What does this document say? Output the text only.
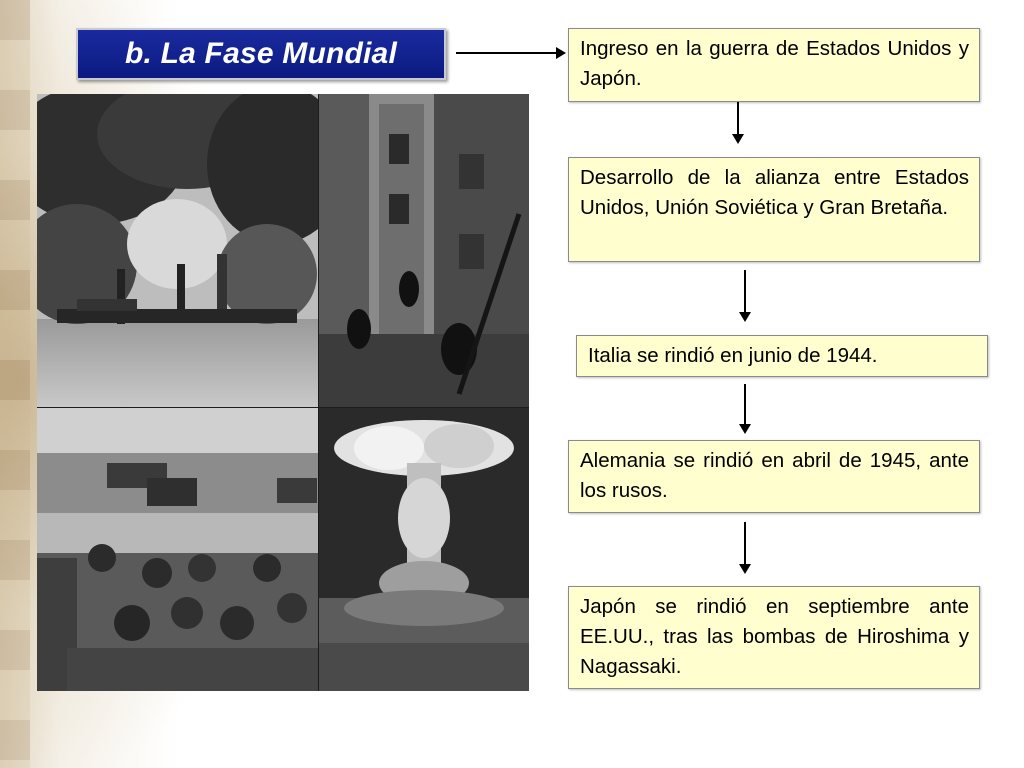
b. La Fase Mundial	Ingreso en la guerra de Estados Unidos y Japón.
Desarrollo de la alianza entre Estados Unidos, Unión Soviética y Gran Bretaña.
Italia se rindió en junio de 1944.
Alemania se rindió en abril de 1945, ante los rusos.
Japón se rindió en septiembre ante EE.UU., tras las bombas de Hiroshima y Nagassaki.
